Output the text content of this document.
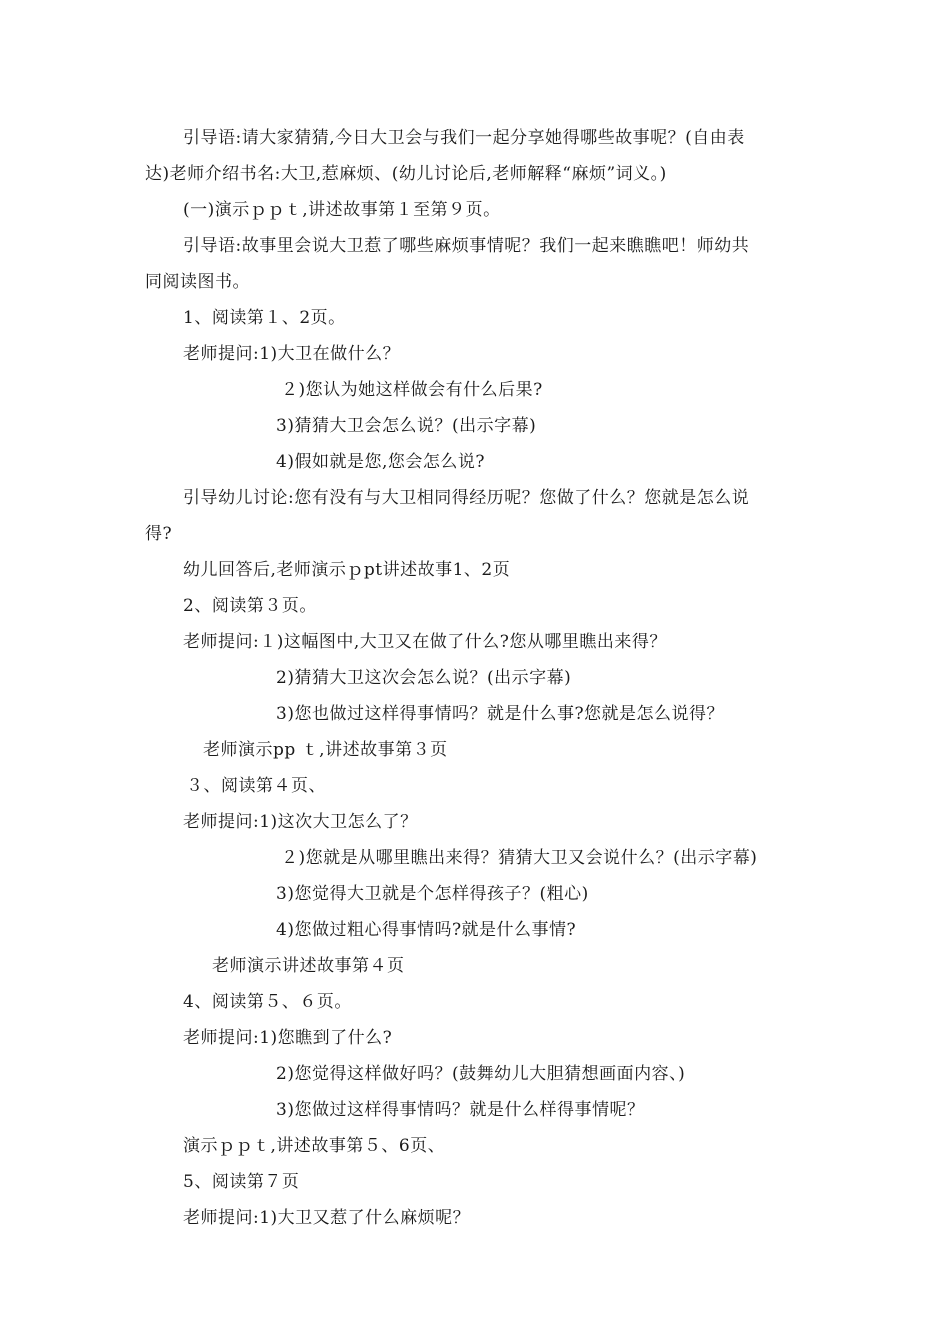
引导语:请大家猜猜,今日大卫会与我们一起分享她得哪些故事呢？(自由表
达)老师介绍书名:大卫,惹麻烦、(幼儿讨论后,老师解释“麻烦”词义。)
(一)演示ｐｐｔ,讲述故事第１至第９页。
引导语:故事里会说大卫惹了哪些麻烦事情呢？我们一起来瞧瞧吧！师幼共
同阅读图书。
1、阅读第１、2页。
老师提问:1)大卫在做什么？
２)您认为她这样做会有什么后果?
3)猜猜大卫会怎么说？(出示字幕)
4)假如就是您,您会怎么说?
引导幼儿讨论:您有没有与大卫相同得经历呢？您做了什么？您就是怎么说
得?
幼儿回答后,老师演示ｐpt讲述故事1、2页
2、阅读第３页。
老师提问:１)这幅图中,大卫又在做了什么?您从哪里瞧出来得？
2)猜猜大卫这次会怎么说？(出示字幕)
3)您也做过这样得事情吗？就是什么事?您就是怎么说得？
老师演示pp ｔ,讲述故事第３页
３、阅读第４页、
老师提问:1)这次大卫怎么了？
２)您就是从哪里瞧出来得？猜猜大卫又会说什么？(出示字幕)
3)您觉得大卫就是个怎样得孩子？(粗心)
4)您做过粗心得事情吗?就是什么事情?
老师演示讲述故事第４页
4、阅读第５、６页。
老师提问:1)您瞧到了什么?
2)您觉得这样做好吗？(鼓舞幼儿大胆猜想画面内容、)
3)您做过这样得事情吗？就是什么样得事情呢？
演示ｐｐｔ,讲述故事第５、6页、
5、阅读第７页
老师提问:1)大卫又惹了什么麻烦呢？
